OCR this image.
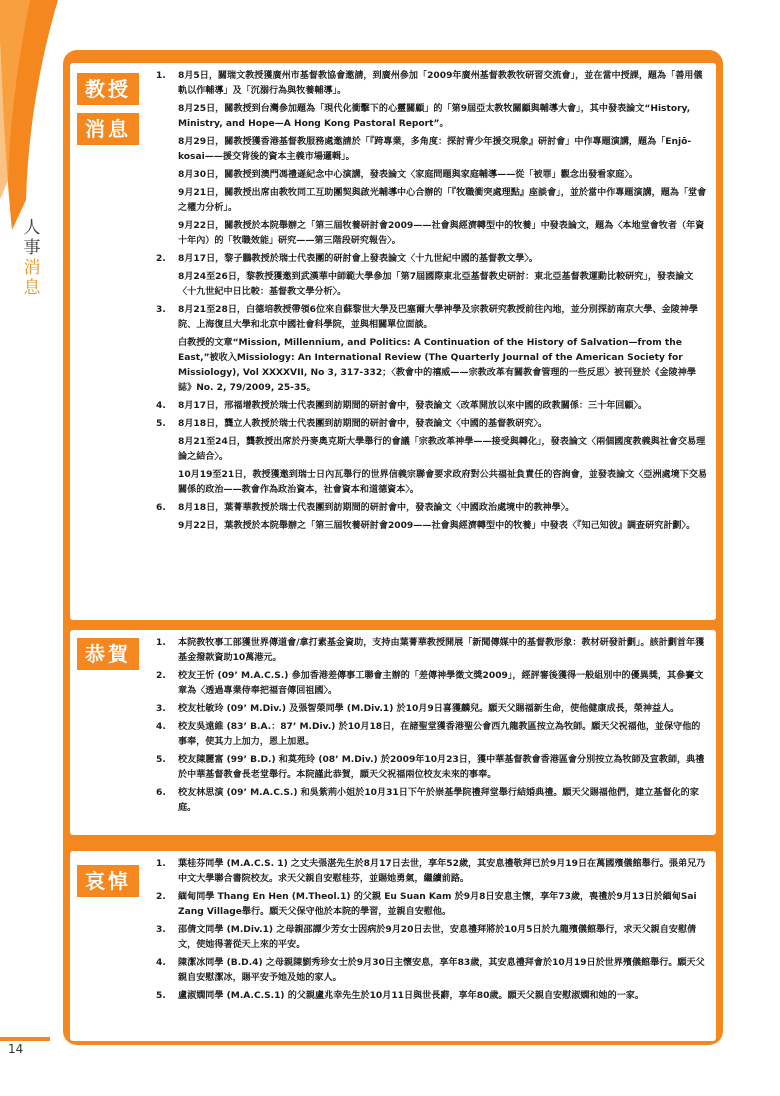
人
事
消
息
教授
消息
1. 8月5日，關瑞文教授獲廣州市基督教協會邀請，到廣州參加「2009年廣州基督教教牧研習交流會」，並在當中授課，題為「善用儀軌以作輔導」及「沉溺行為與牧養輔導」。

8月25日，關教授到台灣參加題為「現代化衝擊下的心靈關顧」的「第9屆亞太教牧關顧與輔導大會」，其中發表論文“History, Ministry, and Hope—A Hong Kong Pastoral Report”。

8月29日，關教授獲香港基督教服務處邀請於「『跨專業，多角度：探討青少年援交現象』研討會」中作專題演講，題為「Enjō-kosai——援交背後的資本主義市場邏輯」。

8月30日，關教授到澳門馮禮遜紀念中心演講，發表論文〈家庭問題與家庭輔導——從「被罪」觀念出發看家庭〉。

9月21日，關教授出席由教牧同工互助團契與啟光輔導中心合辦的「『牧職衝突處理點』座談會」，並於當中作專題演講，題為「堂會之權力分析」。

9月22日，關教授於本院舉辦之「第三屆牧養研討會2009——社會與經濟轉型中的牧養」中發表論文，題為〈本地堂會牧者（年資十年內）的「牧職效能」研究——第三階段研究報告〉。

2. 8月17日，黎子鵬教授於瑞士代表團的研討會上發表論文〈十九世紀中國的基督教文學〉。

8月24至26日，黎教授獲邀到武漢華中師範大學參加「第7屆國際東北亞基督教史研討：東北亞基督教運動比較研究」，發表論文〈十九世紀中日比較：基督教文學分析〉。

3. 8月21至28日，白德培教授帶領6位來自蘇黎世大學及巴塞爾大學神學及宗教研究教授前往內地，並分別探訪南京大學、金陵神學院、上海復旦大學和北京中國社會科學院，並與相關單位面談。

白教授的文章“Mission, Millennium, and Politics: A Continuation of the History of Salvation—from the East,”被收入Missiology: An International Review (The Quarterly Journal of the American Society for Missiology), Vol XXXXVII, No 3, 317-332；〈教會中的禧威——宗教改革有關教會管理的一些反思〉被刊登於《金陵神學誌》No. 2, 79/2009, 25-35。

4. 8月17日，邢福增教授於瑞士代表團到訪期間的研討會中，發表論文〈改革開放以來中國的政教關係：三十年回顧〉。

5. 8月18日，龔立人教授於瑞士代表團到訪期間的研討會中，發表論文〈中國的基督教研究〉。

8月21至24日，龔教授出席於丹麥奧克斯大學舉行的會議「宗教改革神學——接受與轉化」，發表論文〈兩個國度教義與社會交易理論之結合〉。

10月19至21日，教授獲邀到瑞士日內瓦舉行的世界信義宗聯會要求政府對公共福祉負責任的咨詢會，並發表論文〈亞洲處境下交易關係的政治——教會作為政治資本，社會資本和道德資本〉。

6. 8月18日，葉菁華教授於瑞士代表團到訪期間的研討會中，發表論文〈中國政治處境中的教神學〉。

9月22日，葉教授於本院舉辦之「第三屆牧養研討會2009——社會與經濟轉型中的牧養」中發表〈『知己知彼』調查研究計劃〉。

恭賀	1. 本院教牧事工部獲世界傳道會/拿打素基金資助，支持由葉菁華教授開展「新聞傳媒中的基督教形象：教材研發計劃」。該計劃首年獲基金撥款資助10萬港元。

2. 校友王忻 (09’ M.A.C.S.) 參加香港差傳事工聯會主辦的「差傳神學徵文獎2009」，經評審後獲得一般組別中的優異獎，其參賽文章為〈透過專業侍奉把福音傳回祖國〉。

3. 校友杜敏玲 (09’ M.Div.) 及張智榮同學 (M.Div.1) 於10月9日喜獲麟兒。願天父賜福新生命，使他健康成長，榮神益人。

4. 校友吳遠維 (83’ B.A.：87’ M.Div.) 於10月18日，在諸聖堂獲香港聖公會西九龍教區按立為牧師。願天父祝福他，並保守他的事奉，使其力上加力，恩上加恩。

5. 校友陳麗富 (99’ B.D.) 和莫苑玲 (08’ M.Div.) 於2009年10月23日，獲中華基督教會香港區會分別按立為牧師及宣教師，典禮於中華基督教會長老堂舉行。本院謹此恭賀，願天父祝福兩位校友未來的事奉。

6. 校友林思演 (09’ M.A.C.S.) 和吳紫荊小姐於10月31日下午於崇基學院禮拜堂舉行結婚典禮。願天父賜福他們，建立基督化的家庭。

哀悼
1. 葉桂芬同學 (M.A.C.S. 1) 之丈夫張湛先生於8月17日去世，享年52歲，其安息禮敬拜已於9月19日在萬國殯儀館舉行。張弟兄乃中文大學聯合書院校友。求天父親自安慰桂芬，並賜她勇氣，繼續前路。

2. 緬甸同學 Thang En Hen (M.Theol.1) 的父親 Eu Suan Kam 於9月8日安息主懷，享年73歲，喪禮於9月13日於緬甸Sai Zang Village舉行。願天父保守他於本院的學習，並親自安慰他。

3. 邵倩文同學 (M.Div.1) 之母親邵譚少芳女士因病於9月20日去世，安息禮拜將於10月5日於九龍殯儀館舉行，求天父親自安慰倩文，使她得著從天上來的平安。

4. 陳潔冰同學 (B.D.4) 之母親陳劉秀珍女士於9月30日主懷安息，享年83歲，其安息禮拜會於10月19日於世界殯儀館舉行。願天父親自安慰潔冰，賜平安予她及她的家人。

5. 盧淑嫻同學 (M.A.C.S.1) 的父親盧兆幸先生於10月11日與世長辭，享年80歲。願天父親自安慰淑嫻和她的一家。

14
